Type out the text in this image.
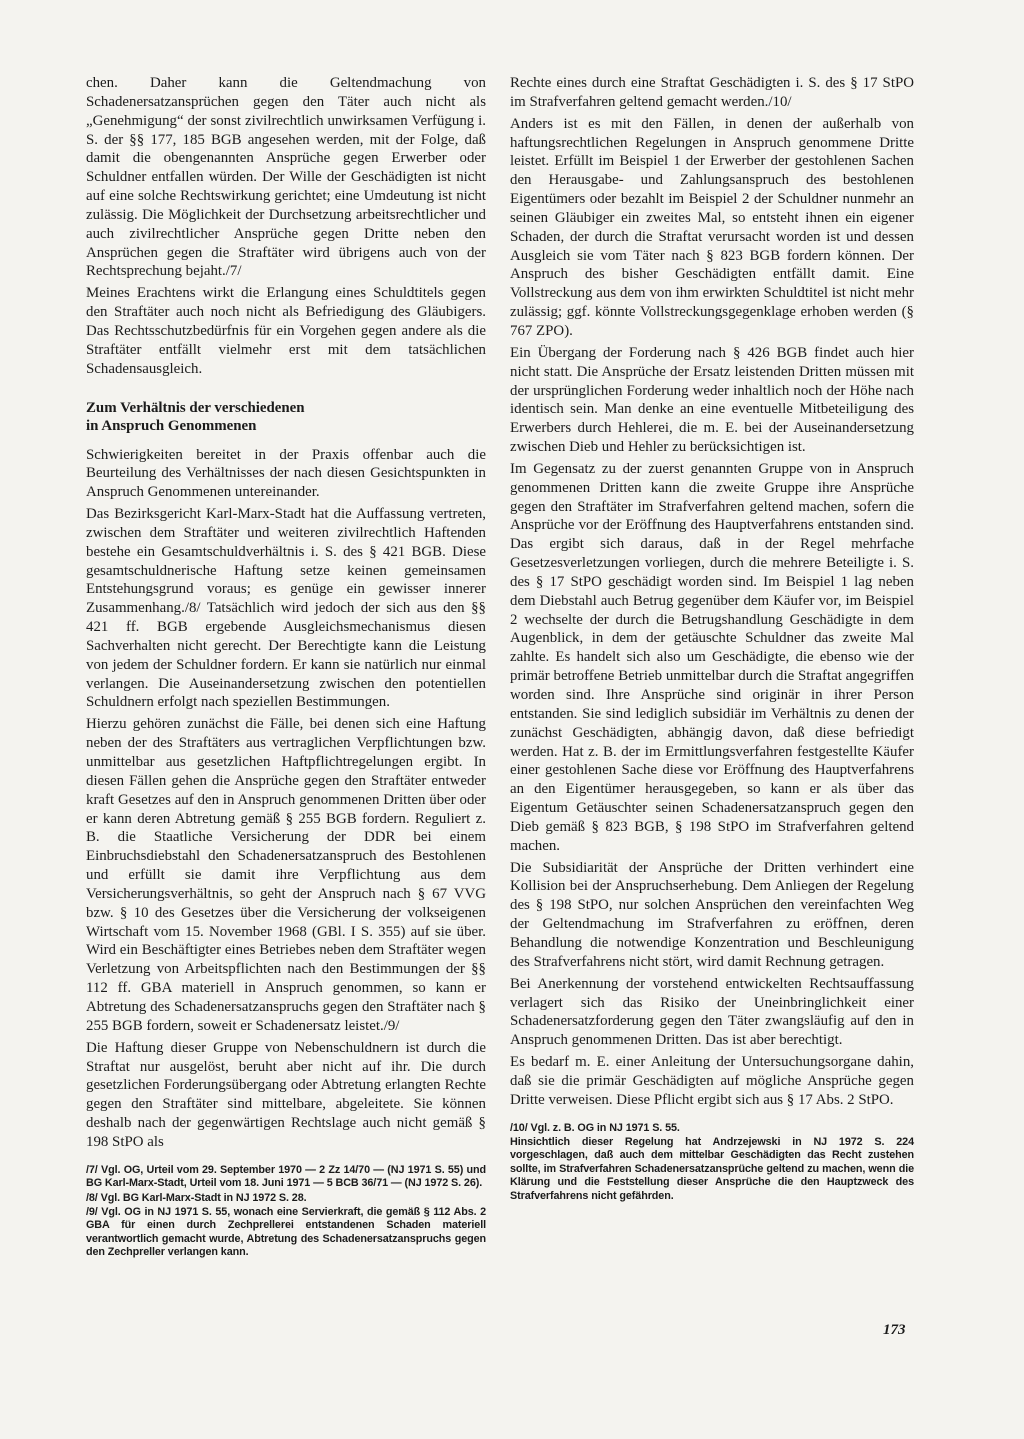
chen. Daher kann die Geltendmachung von Schadenersatzansprüchen gegen den Täter auch nicht als „Genehmigung“ der sonst zivilrechtlich unwirksamen Verfügung i. S. der §§ 177, 185 BGB angesehen werden, mit der Folge, daß damit die obengenannten Ansprüche gegen Erwerber oder Schuldner entfallen würden. Der Wille der Geschädigten ist nicht auf eine solche Rechtswirkung gerichtet; eine Umdeutung ist nicht zulässig. Die Möglichkeit der Durchsetzung arbeitsrechtlicher und auch zivilrechtlicher Ansprüche gegen Dritte neben den Ansprüchen gegen die Straftäter wird übrigens auch von der Rechtsprechung bejaht./7/

Meines Erachtens wirkt die Erlangung eines Schuldtitels gegen den Straftäter auch noch nicht als Befriedigung des Gläubigers. Das Rechtsschutzbedürfnis für ein Vorgehen gegen andere als die Straftäter entfällt vielmehr erst mit dem tatsächlichen Schadensausgleich.

Zum Verhältnis der verschiedenen
in Anspruch Genommenen

Schwierigkeiten bereitet in der Praxis offenbar auch die Beurteilung des Verhältnisses der nach diesen Gesichtspunkten in Anspruch Genommenen untereinander.

Das Bezirksgericht Karl-Marx-Stadt hat die Auffassung vertreten, zwischen dem Straftäter und weiteren zivilrechtlich Haftenden bestehe ein Gesamtschuldverhältnis i. S. des § 421 BGB. Diese gesamtschuldnerische Haftung setze keinen gemeinsamen Entstehungsgrund voraus; es genüge ein gewisser innerer Zusammenhang./8/ Tatsächlich wird jedoch der sich aus den §§ 421 ff. BGB ergebende Ausgleichsmechanismus diesen Sachverhalten nicht gerecht. Der Berechtigte kann die Leistung von jedem der Schuldner fordern. Er kann sie natürlich nur einmal verlangen. Die Auseinandersetzung zwischen den potentiellen Schuldnern erfolgt nach speziellen Bestimmungen.

Hierzu gehören zunächst die Fälle, bei denen sich eine Haftung neben der des Straftäters aus vertraglichen Verpflichtungen bzw. unmittelbar aus gesetzlichen Haftpflichtregelungen ergibt. In diesen Fällen gehen die Ansprüche gegen den Straftäter entweder kraft Gesetzes auf den in Anspruch genommenen Dritten über oder er kann deren Abtretung gemäß § 255 BGB fordern. Reguliert z. B. die Staatliche Versicherung der DDR bei einem Einbruchsdiebstahl den Schadenersatzanspruch des Bestohlenen und erfüllt sie damit ihre Verpflichtung aus dem Versicherungsverhältnis, so geht der Anspruch nach § 67 VVG bzw. § 10 des Gesetzes über die Versicherung der volkseigenen Wirtschaft vom 15. November 1968 (GBl. I S. 355) auf sie über. Wird ein Beschäftigter eines Betriebes neben dem Straftäter wegen Verletzung von Arbeitspflichten nach den Bestimmungen der §§ 112 ff. GBA materiell in Anspruch genommen, so kann er Abtretung des Schadenersatzanspruchs gegen den Straftäter nach § 255 BGB fordern, soweit er Schadenersatz leistet./9/

Die Haftung dieser Gruppe von Nebenschuldnern ist durch die Straftat nur ausgelöst, beruht aber nicht auf ihr. Die durch gesetzlichen Forderungsübergang oder Abtretung erlangten Rechte gegen den Straftäter sind mittelbare, abgeleitete. Sie können deshalb nach der gegenwärtigen Rechtslage auch nicht gemäß § 198 StPO als

/7/ Vgl. OG, Urteil vom 29. September 1970 — 2 Zz 14/70 — (NJ 1971 S. 55) und BG Karl-Marx-Stadt, Urteil vom 18. Juni 1971 — 5 BCB 36/71 — (NJ 1972 S. 26).

/8/ Vgl. BG Karl-Marx-Stadt in NJ 1972 S. 28.

/9/ Vgl. OG in NJ 1971 S. 55, wonach eine Servierkraft, die gemäß § 112 Abs. 2 GBA für einen durch Zechprellerei entstandenen Schaden materiell verantwortlich gemacht wurde, Abtretung des Schadenersatzanspruchs gegen den Zechpreller verlangen kann.

Rechte eines durch eine Straftat Geschädigten i. S. des § 17 StPO im Strafverfahren geltend gemacht werden./10/

Anders ist es mit den Fällen, in denen der außerhalb von haftungsrechtlichen Regelungen in Anspruch genommene Dritte leistet. Erfüllt im Beispiel 1 der Erwerber der gestohlenen Sachen den Herausgabe- und Zahlungsanspruch des bestohlenen Eigentümers oder bezahlt im Beispiel 2 der Schuldner nunmehr an seinen Gläubiger ein zweites Mal, so entsteht ihnen ein eigener Schaden, der durch die Straftat verursacht worden ist und dessen Ausgleich sie vom Täter nach § 823 BGB fordern können. Der Anspruch des bisher Geschädigten entfällt damit. Eine Vollstreckung aus dem von ihm erwirkten Schuldtitel ist nicht mehr zulässig; ggf. könnte Vollstreckungsgegenklage erhoben werden (§ 767 ZPO).

Ein Übergang der Forderung nach § 426 BGB findet auch hier nicht statt. Die Ansprüche der Ersatz leistenden Dritten müssen mit der ursprünglichen Forderung weder inhaltlich noch der Höhe nach identisch sein. Man denke an eine eventuelle Mitbeteiligung des Erwerbers durch Hehlerei, die m. E. bei der Auseinandersetzung zwischen Dieb und Hehler zu berücksichtigen ist.

Im Gegensatz zu der zuerst genannten Gruppe von in Anspruch genommenen Dritten kann die zweite Gruppe ihre Ansprüche gegen den Straftäter im Strafverfahren geltend machen, sofern die Ansprüche vor der Eröffnung des Hauptverfahrens entstanden sind. Das ergibt sich daraus, daß in der Regel mehrfache Gesetzesverletzungen vorliegen, durch die mehrere Beteiligte i. S. des § 17 StPO geschädigt worden sind. Im Beispiel 1 lag neben dem Diebstahl auch Betrug gegenüber dem Käufer vor, im Beispiel 2 wechselte der durch die Betrugshandlung Geschädigte in dem Augenblick, in dem der getäuschte Schuldner das zweite Mal zahlte. Es handelt sich also um Geschädigte, die ebenso wie der primär betroffene Betrieb unmittelbar durch die Straftat angegriffen worden sind. Ihre Ansprüche sind originär in ihrer Person entstanden. Sie sind lediglich subsidiär im Verhältnis zu denen der zunächst Geschädigten, abhängig davon, daß diese befriedigt werden. Hat z. B. der im Ermittlungsverfahren festgestellte Käufer einer gestohlenen Sache diese vor Eröffnung des Hauptverfahrens an den Eigentümer herausgegeben, so kann er als über das Eigentum Getäuschter seinen Schadenersatzanspruch gegen den Dieb gemäß § 823 BGB, § 198 StPO im Strafverfahren geltend machen.

Die Subsidiarität der Ansprüche der Dritten verhindert eine Kollision bei der Anspruchserhebung. Dem Anliegen der Regelung des § 198 StPO, nur solchen Ansprüchen den vereinfachten Weg der Geltendmachung im Strafverfahren zu eröffnen, deren Behandlung die notwendige Konzentration und Beschleunigung des Strafverfahrens nicht stört, wird damit Rechnung getragen.

Bei Anerkennung der vorstehend entwickelten Rechtsauffassung verlagert sich das Risiko der Uneinbringlichkeit einer Schadenersatzforderung gegen den Täter zwangsläufig auf den in Anspruch genommenen Dritten. Das ist aber berechtigt.

Es bedarf m. E. einer Anleitung der Untersuchungsorgane dahin, daß sie die primär Geschädigten auf mögliche Ansprüche gegen Dritte verweisen. Diese Pflicht ergibt sich aus § 17 Abs. 2 StPO.

/10/ Vgl. z. B. OG in NJ 1971 S. 55.

Hinsichtlich dieser Regelung hat Andrzejewski in NJ 1972 S. 224 vorgeschlagen, daß auch dem mittelbar Geschädigten das Recht zustehen sollte, im Strafverfahren Schadenersatzansprüche geltend zu machen, wenn die Klärung und die Feststellung dieser Ansprüche die den Hauptzweck des Strafverfahrens nicht gefährden.

173
